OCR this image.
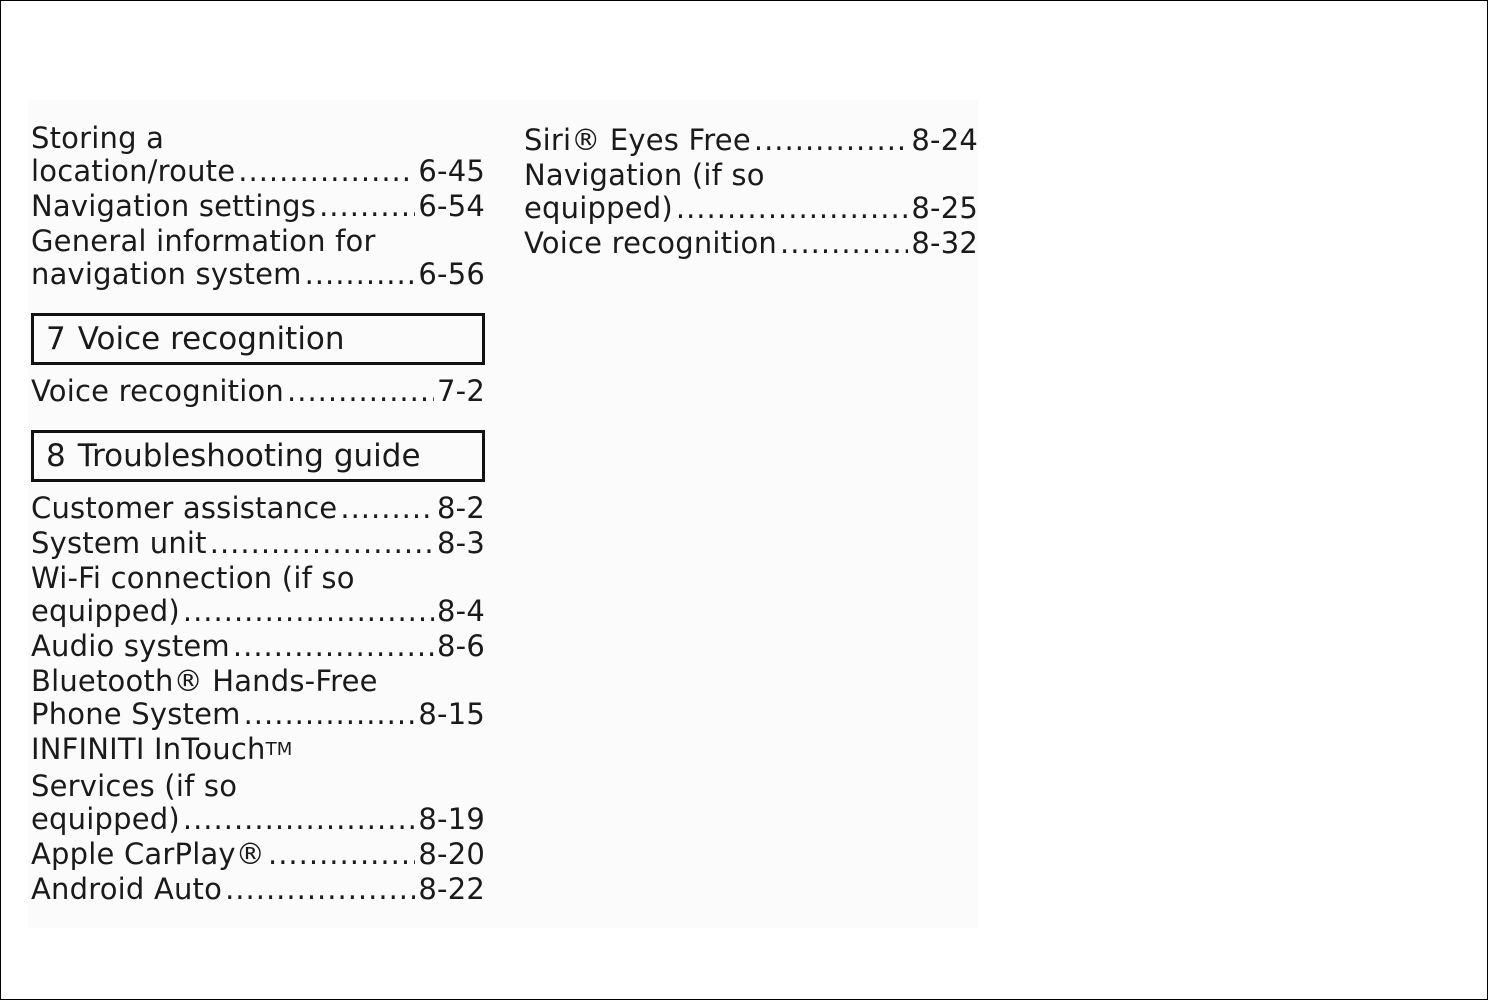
Storing a
location/route .....	6-45
Navigation settings .....	6-54
General information for
navigation system .....	6-56
7 Voice recognition
Voice recognition .....	7-2
8 Troubleshooting guide
Customer assistance .....	8-2
System unit .....	8-3
Wi-Fi connection (if so
equipped) .....	8-4
Audio system .....	8-6
Bluetooth® Hands-Free
Phone System .....	8-15
INFINITI InTouch™
Services (if so
equipped) .....	8-19
Apple CarPlay® .....	8-20
Android Auto .....	8-22
Siri® Eyes Free .....	8-24
Navigation (if so
equipped) .....	8-25
Voice recognition .....	8-32
